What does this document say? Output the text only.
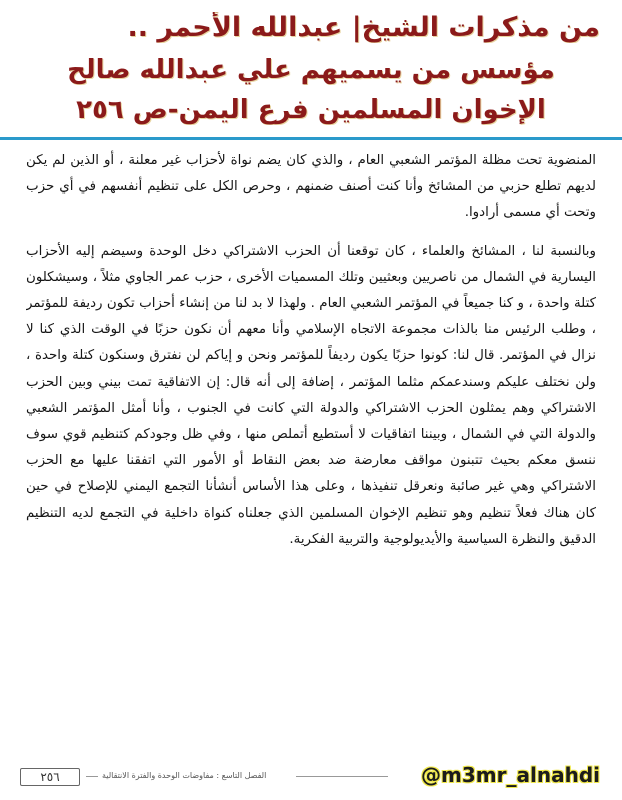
من مذكرات الشيخ| عبدالله الأحمر ..
مؤسس من يسميهم علي عبدالله صالح
الإخوان المسلمين فرع اليمن-ص ٢٥٦

المنضوية تحت مظلة المؤتمر الشعبي العام ، والذي كان يضم نواة لأحزاب غير معلنة ، أو الذين لم يكن لديهم تطلع حزبي من المشائخ وأنا كنت أصنف ضمنهم ، وحرص الكل على تنظيم أنفسهم في أي حزب وتحت أي مسمى أرادوا.

وبالنسبة لنا ، المشائخ والعلماء ، كان توقعنا أن الحزب الاشتراكي دخل الوحدة وسيضم إليه الأحزاب اليسارية في الشمال من ناصريين وبعثيين وتلك المسميات الأخرى ، حزب عمر الجاوي مثلاً ، وسيشكلون كتلة واحدة ، و كنا جميعاً في المؤتمر الشعبي العام . ولهذا لا بد لنا من إنشاء أحزاب تكون رديفة للمؤتمر ، وطلب الرئيس منا بالذات مجموعة الاتجاه الإسلامي وأنا معهم أن نكون حزبًا في الوقت الذي كنا لا نزال في المؤتمر. قال لنا: كونوا حزبًا يكون رديفاً للمؤتمر ونحن و إياكم لن نفترق وسنكون كتلة واحدة ، ولن نختلف عليكم وسندعمكم مثلما المؤتمر ، إضافة إلى أنه قال: إن الاتفاقية تمت بيني وبين الحزب الاشتراكي وهم يمثلون الحزب الاشتراكي والدولة التي كانت في الجنوب ، وأنا أمثل المؤتمر الشعبي والدولة التي في الشمال ، وبيننا اتفاقيات لا أستطيع أتملص منها ، وفي ظل وجودكم كتنظيم قوي سوف ننسق معكم بحيث تتبنون مواقف معارضة ضد بعض النقاط أو الأمور التي اتفقنا عليها مع الحزب الاشتراكي وهي غير صائبة ونعرقل تنفيذها ، وعلى هذا الأساس أنشأنا التجمع اليمني للإصلاح في حين كان هناك فعلاً تنظيم وهو تنظيم الإخوان المسلمين الذي جعلناه كنواة داخلية في التجمع لديه التنظيم الدقيق والنظرة السياسية والأيديولوجية والتربية الفكرية.

٢٥٦	الفصل التاسع : مفاوضات الوحدة والفترة الانتقالية	@m3mr_alnahdi
